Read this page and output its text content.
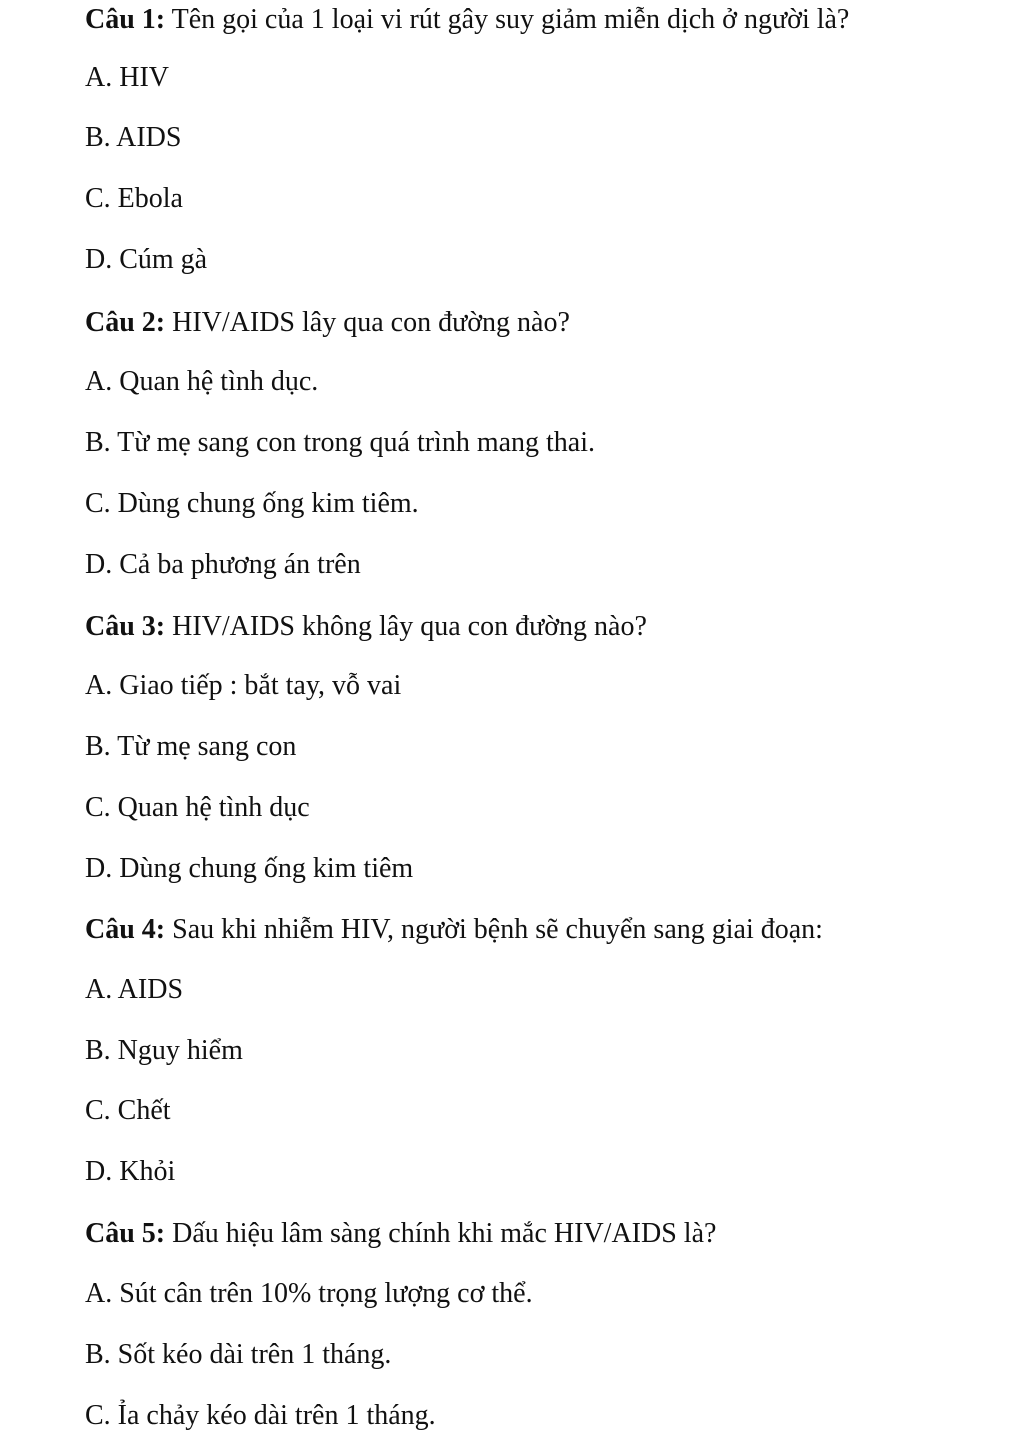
Câu 1: Tên gọi của 1 loại vi rút gây suy giảm miễn dịch ở người là?
A. HIV
B. AIDS
C. Ebola
D. Cúm gà
Câu 2: HIV/AIDS lây qua con đường nào?
A. Quan hệ tình dục.
B. Từ mẹ sang con trong quá trình mang thai.
C. Dùng chung ống kim tiêm.
D. Cả ba phương án trên
Câu 3: HIV/AIDS không lây qua con đường nào?
A. Giao tiếp : bắt tay, vỗ vai
B. Từ mẹ sang con
C. Quan hệ tình dục
D. Dùng chung ống kim tiêm
Câu 4: Sau khi nhiễm HIV, người bệnh sẽ chuyển sang giai đoạn:
A. AIDS
B. Nguy hiểm
C. Chết
D. Khỏi
Câu 5: Dấu hiệu lâm sàng chính khi mắc HIV/AIDS là?
A. Sút cân trên 10% trọng lượng cơ thể.
B. Sốt kéo dài trên 1 tháng.
C. Ỉa chảy kéo dài trên 1 tháng.
